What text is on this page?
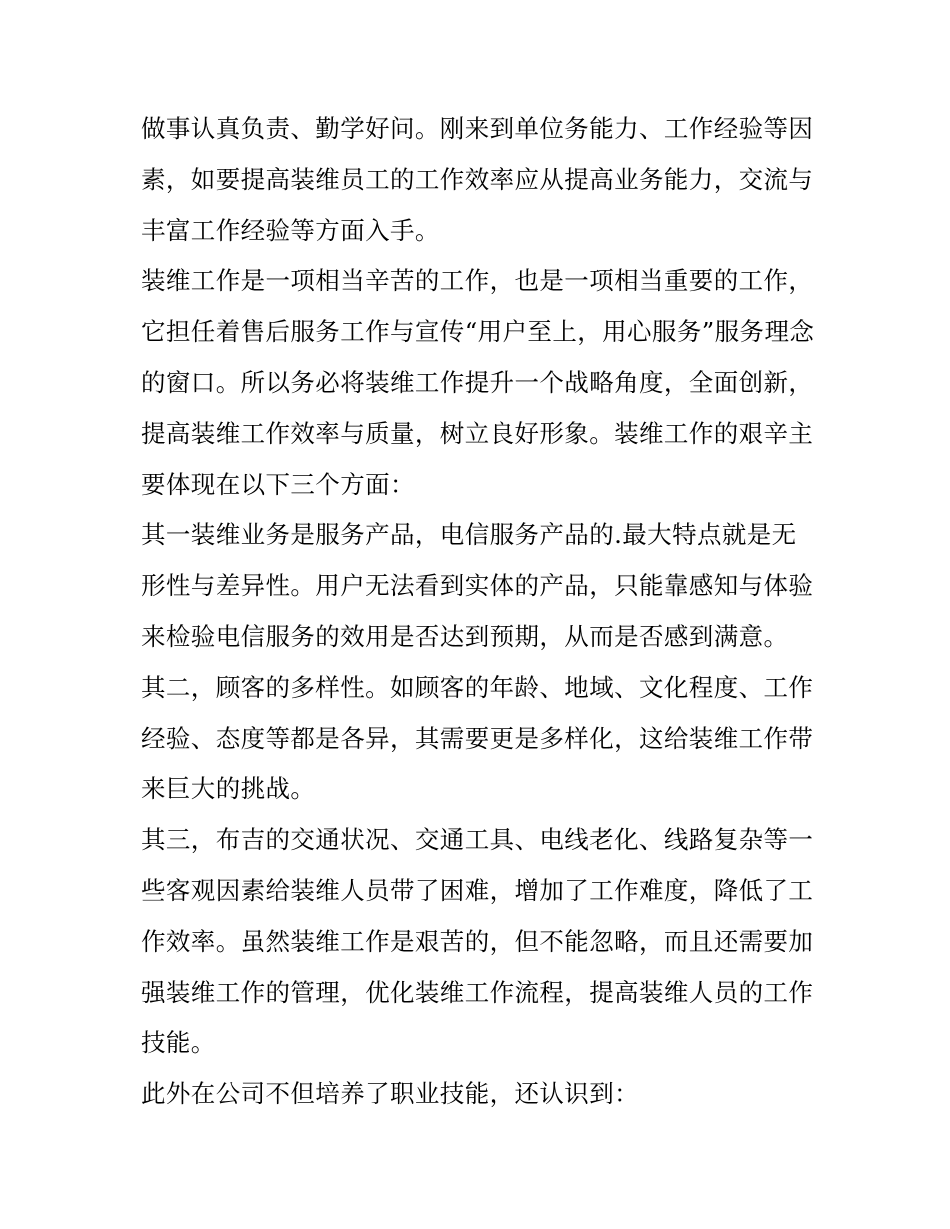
做事认真负责、勤学好问。刚来到单位务能力、工作经验等因
素，如要提高装维员工的工作效率应从提高业务能力，交流与
丰富工作经验等方面入手。
装维工作是一项相当辛苦的工作，也是一项相当重要的工作，
它担任着售后服务工作与宣传“用户至上，用心服务”服务理念
的窗口。所以务必将装维工作提升一个战略角度，全面创新，
提高装维工作效率与质量，树立良好形象。装维工作的艰辛主
要体现在以下三个方面：
其一装维业务是服务产品，电信服务产品的.最大特点就是无
形性与差异性。用户无法看到实体的产品，只能靠感知与体验
来检验电信服务的效用是否达到预期，从而是否感到满意。
其二，顾客的多样性。如顾客的年龄、地域、文化程度、工作
经验、态度等都是各异，其需要更是多样化，这给装维工作带
来巨大的挑战。
其三，布吉的交通状况、交通工具、电线老化、线路复杂等一
些客观因素给装维人员带了困难，增加了工作难度，降低了工
作效率。虽然装维工作是艰苦的，但不能忽略，而且还需要加
强装维工作的管理，优化装维工作流程，提高装维人员的工作
技能。
此外在公司不但培养了职业技能，还认识到：
